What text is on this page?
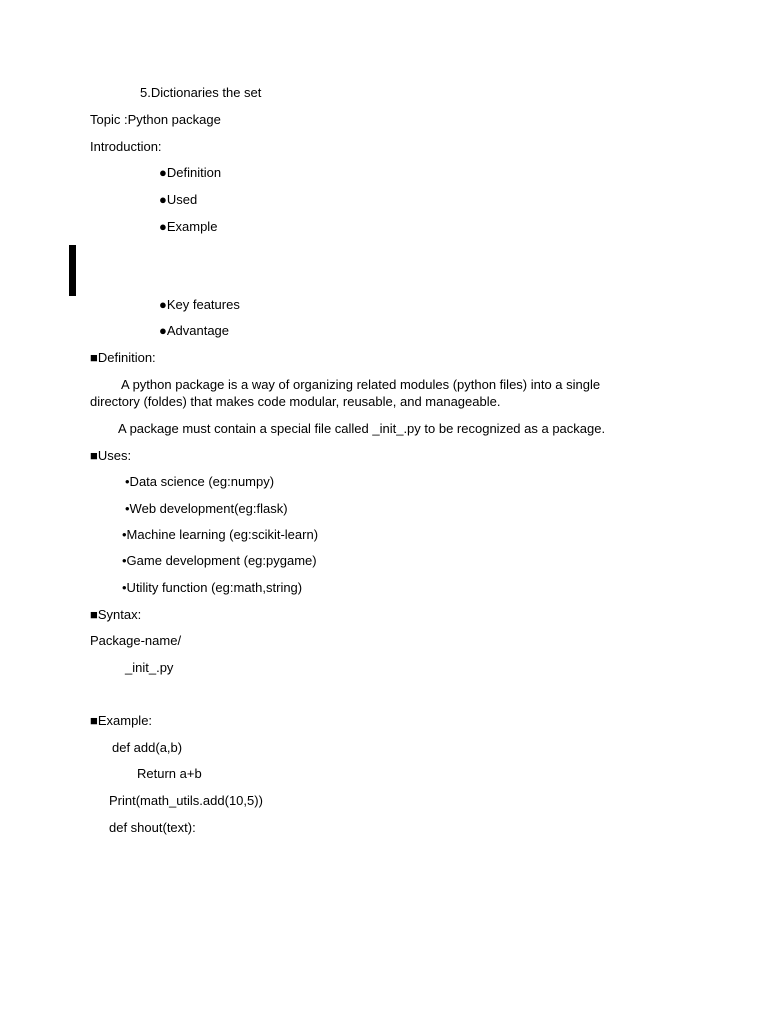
5.Dictionaries the set
Topic :Python package
Introduction:
●Definition
●Used
●Example
●Key features
●Advantage
■Definition:
A python package is a way of organizing related modules (python files) into a single directory (foldes) that makes code modular, reusable, and manageable.
A package must contain a special file called _init_.py to be recognized as a package.
■Uses:
•Data science (eg:numpy)
•Web development(eg:flask)
•Machine learning (eg:scikit-learn)
•Game development (eg:pygame)
•Utility function (eg:math,string)
■Syntax:
Package-name/
_init_.py
■Example:
def add(a,b)
Return a+b
Print(math_utils.add(10,5))
def shout(text):
